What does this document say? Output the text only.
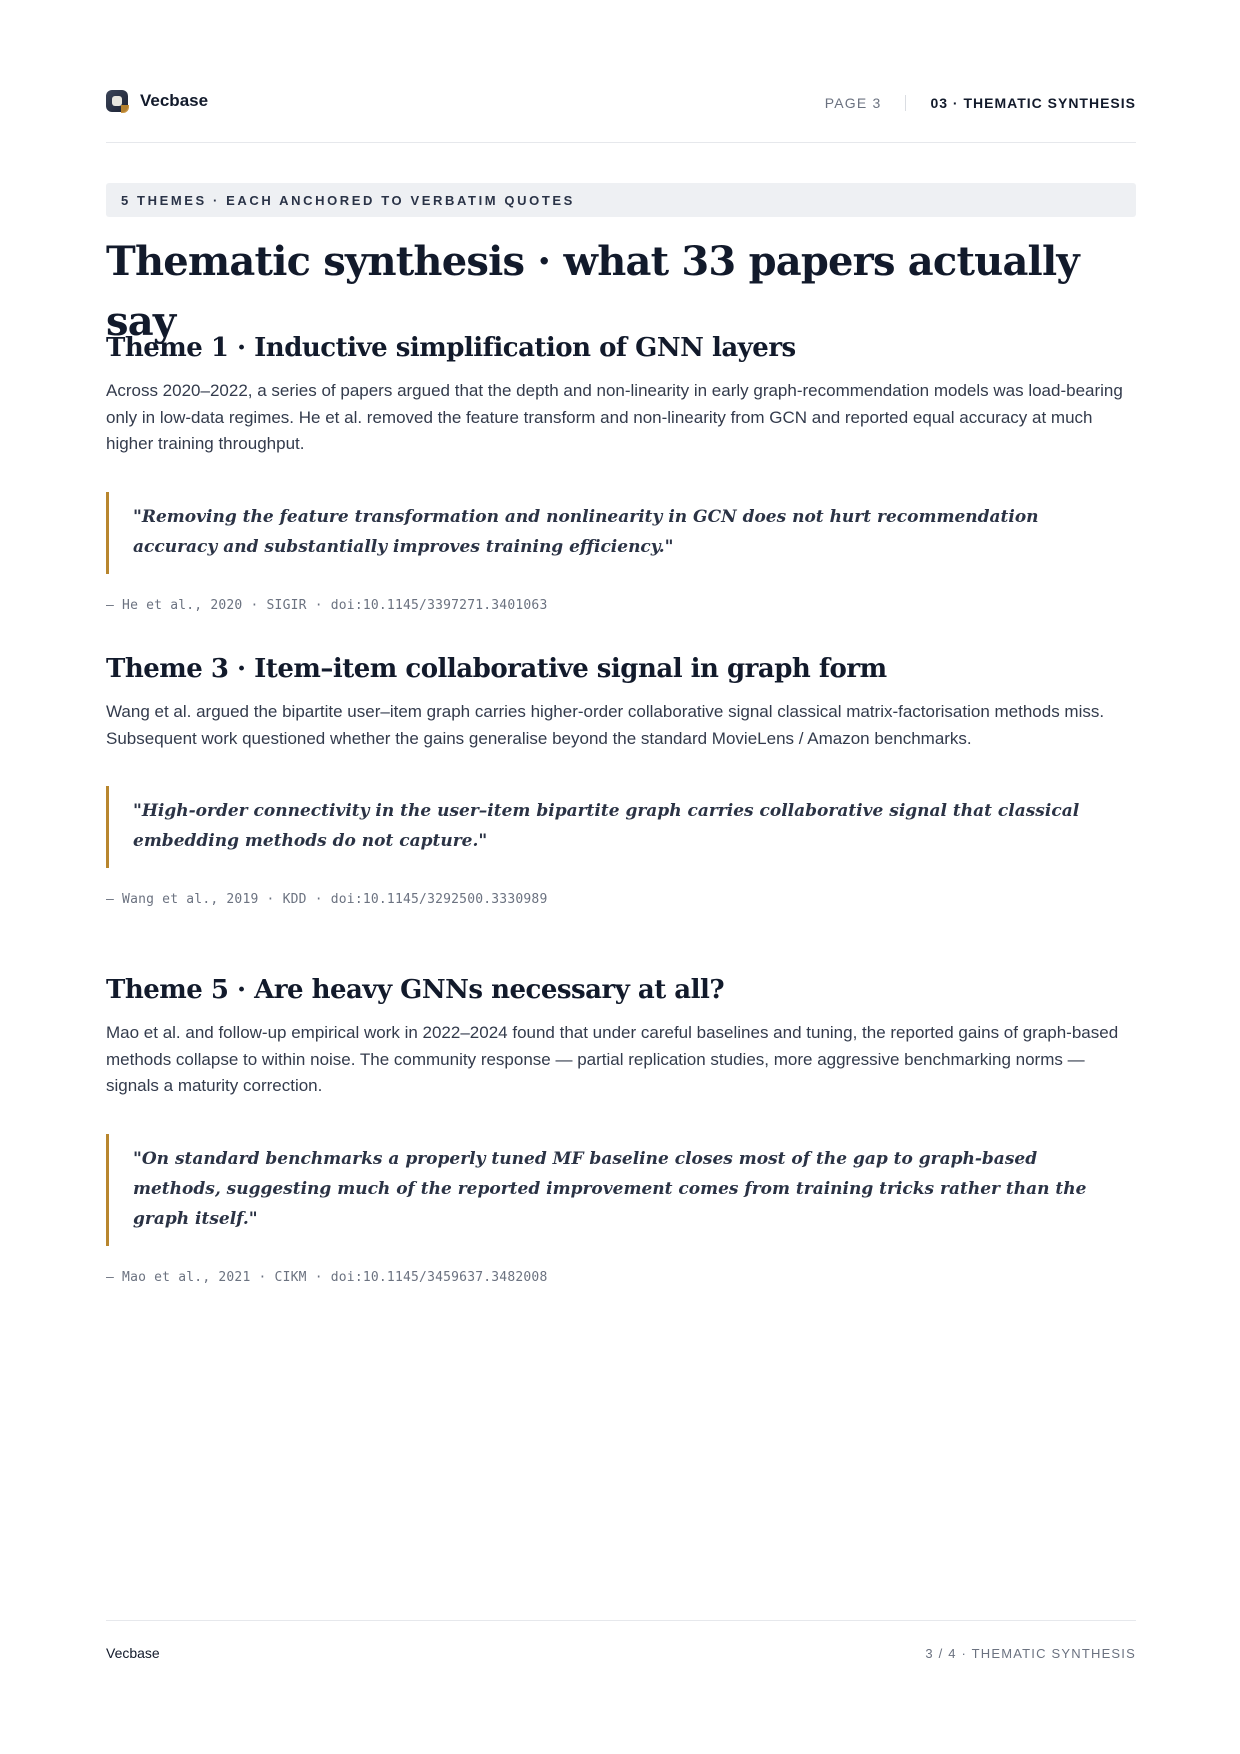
Vecbase	PAGE 3	03 · THEMATIC SYNTHESIS
5 THEMES · EACH ANCHORED TO VERBATIM QUOTES
Thematic synthesis · what 33 papers actually say
Theme 1 · Inductive simplification of GNN layers

Across 2020–2022, a series of papers argued that the depth and non-linearity in early graph-recommendation models was load-bearing only in low-data regimes. He et al. removed the feature transform and non-linearity from GCN and reported equal accuracy at much higher training throughput.

"Removing the feature transformation and nonlinearity in GCN does not hurt recommendation accuracy and substantially improves training efficiency."
— He et al., 2020 · SIGIR · doi:10.1145/3397271.3401063
Theme 3 · Item–item collaborative signal in graph form

Wang et al. argued the bipartite user–item graph carries higher-order collaborative signal classical matrix-factorisation methods miss. Subsequent work questioned whether the gains generalise beyond the standard MovieLens / Amazon benchmarks.

"High-order connectivity in the user–item bipartite graph carries collaborative signal that classical embedding methods do not capture."
— Wang et al., 2019 · KDD · doi:10.1145/3292500.3330989
Theme 5 · Are heavy GNNs necessary at all?

Mao et al. and follow-up empirical work in 2022–2024 found that under careful baselines and tuning, the reported gains of graph-based methods collapse to within noise. The community response — partial replication studies, more aggressive benchmarking norms — signals a maturity correction.

"On standard benchmarks a properly tuned MF baseline closes most of the gap to graph-based methods, suggesting much of the reported improvement comes from training tricks rather than the graph itself."
— Mao et al., 2021 · CIKM · doi:10.1145/3459637.3482008
Vecbase	3 / 4 · THEMATIC SYNTHESIS
